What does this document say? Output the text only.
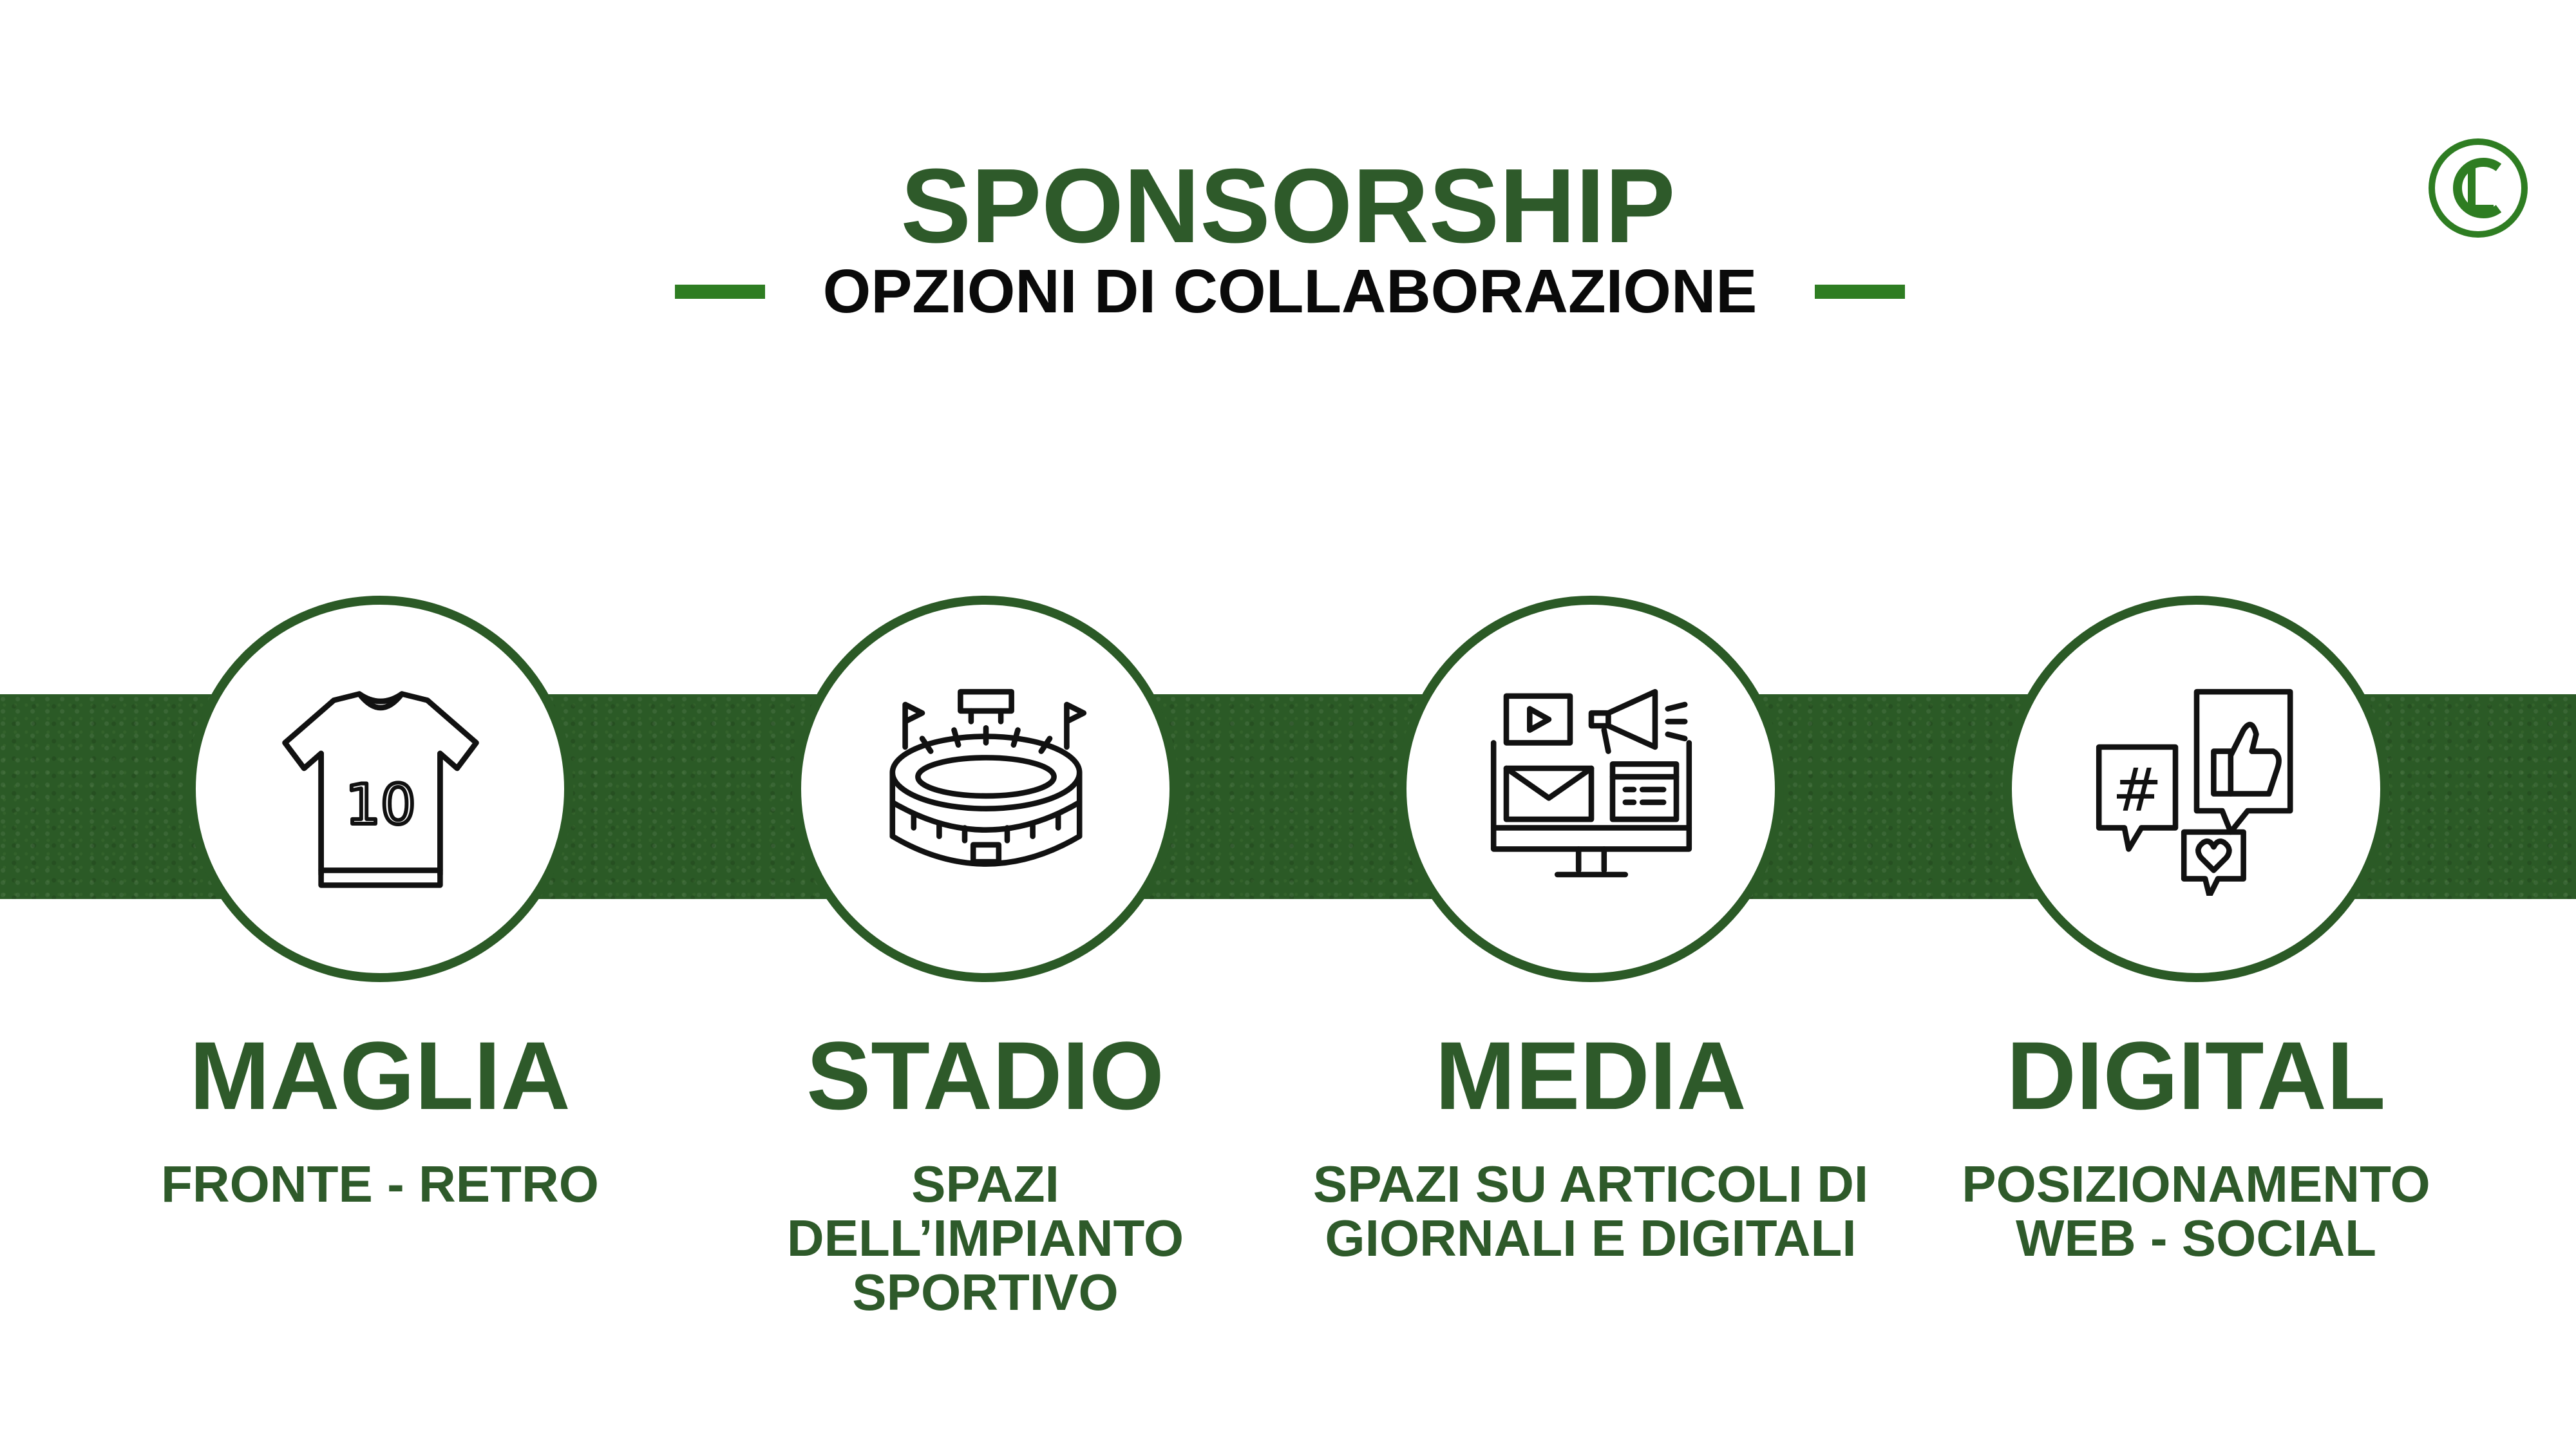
SPONSORSHIP
OPZIONI DI COLLABORAZIONE
10
MAGLIA
FRONTE - RETRO
STADIO
SPAZI
DELL’IMPIANTO
SPORTIVO
MEDIA
SPAZI SU ARTICOLI DI
GIORNALI E DIGITALI
#
DIGITAL
POSIZIONAMENTO
WEB - SOCIAL
